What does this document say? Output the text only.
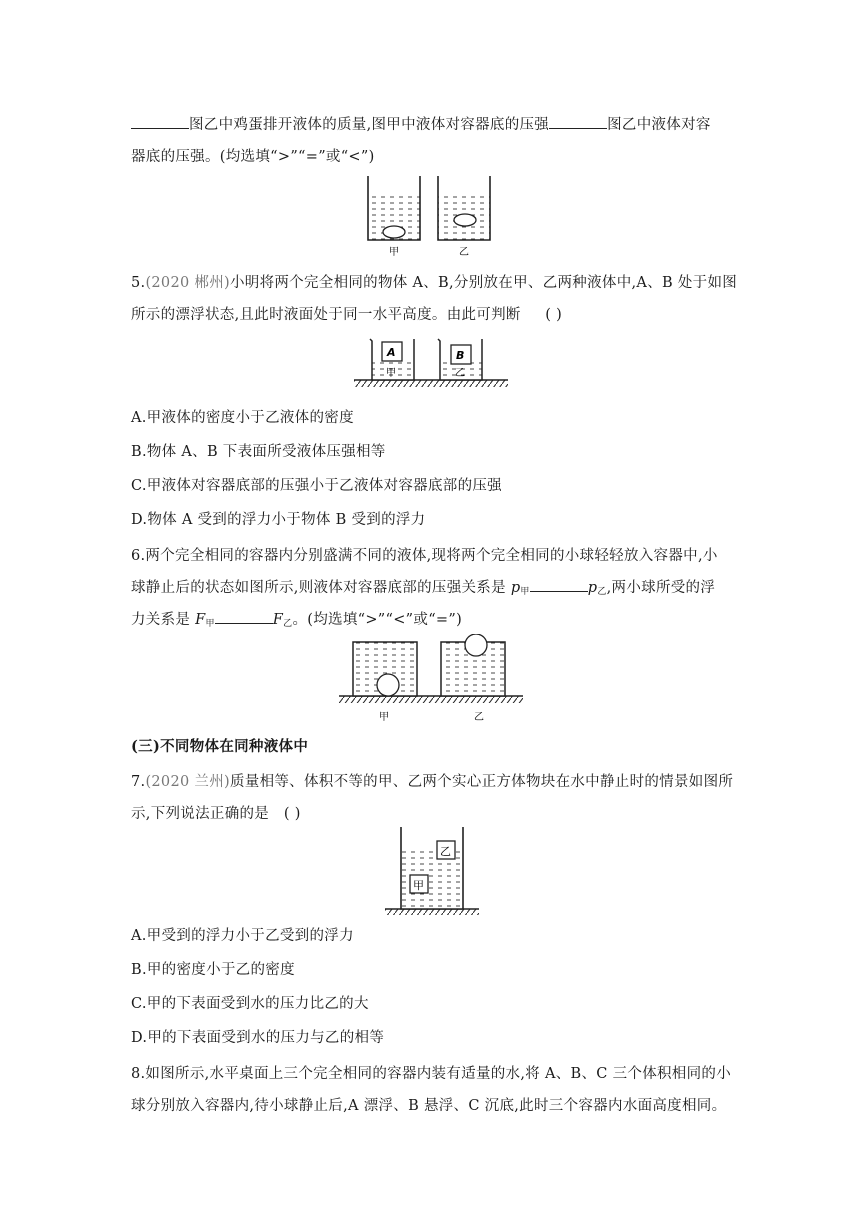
图乙中鸡蛋排开液体的质量,图甲中液体对容器底的压强	图乙中液体对容
器底的压强。(均选填“>”“=”或“<”)
甲	乙
5.(2020 郴州)小明将两个完全相同的物体 A、B,分别放在甲、乙两种液体中,A、B 处于如图
所示的漂浮状态,且此时液面处于同一水平高度。由此可判断 ( )
A
甲
B
乙
A.甲液体的密度小于乙液体的密度
B.物体 A、B 下表面所受液体压强相等
C.甲液体对容器底部的压强小于乙液体对容器底部的压强
D.物体 A 受到的浮力小于物体 B 受到的浮力
6.两个完全相同的容器内分别盛满不同的液体,现将两个完全相同的小球轻轻放入容器中,小
球静止后的状态如图所示,则液体对容器底部的压强关系是 $p_甲$	$p_乙$,两小球所受的浮
力关系是 $F_甲$	$F_乙$。(均选填“>”“<”或“=”)
甲	乙
(三)不同物体在同种液体中
7.(2020 兰州)质量相等、体积不等的甲、乙两个实心正方体物块在水中静止时的情景如图所
示,下列说法正确的是 ( )
乙
甲
A.甲受到的浮力小于乙受到的浮力
B.甲的密度小于乙的密度
C.甲的下表面受到水的压力比乙的大
D.甲的下表面受到水的压力与乙的相等
8.如图所示,水平桌面上三个完全相同的容器内装有适量的水,将 A、B、C 三个体积相同的小
球分别放入容器内,待小球静止后,A 漂浮、B 悬浮、C 沉底,此时三个容器内水面高度相同。
